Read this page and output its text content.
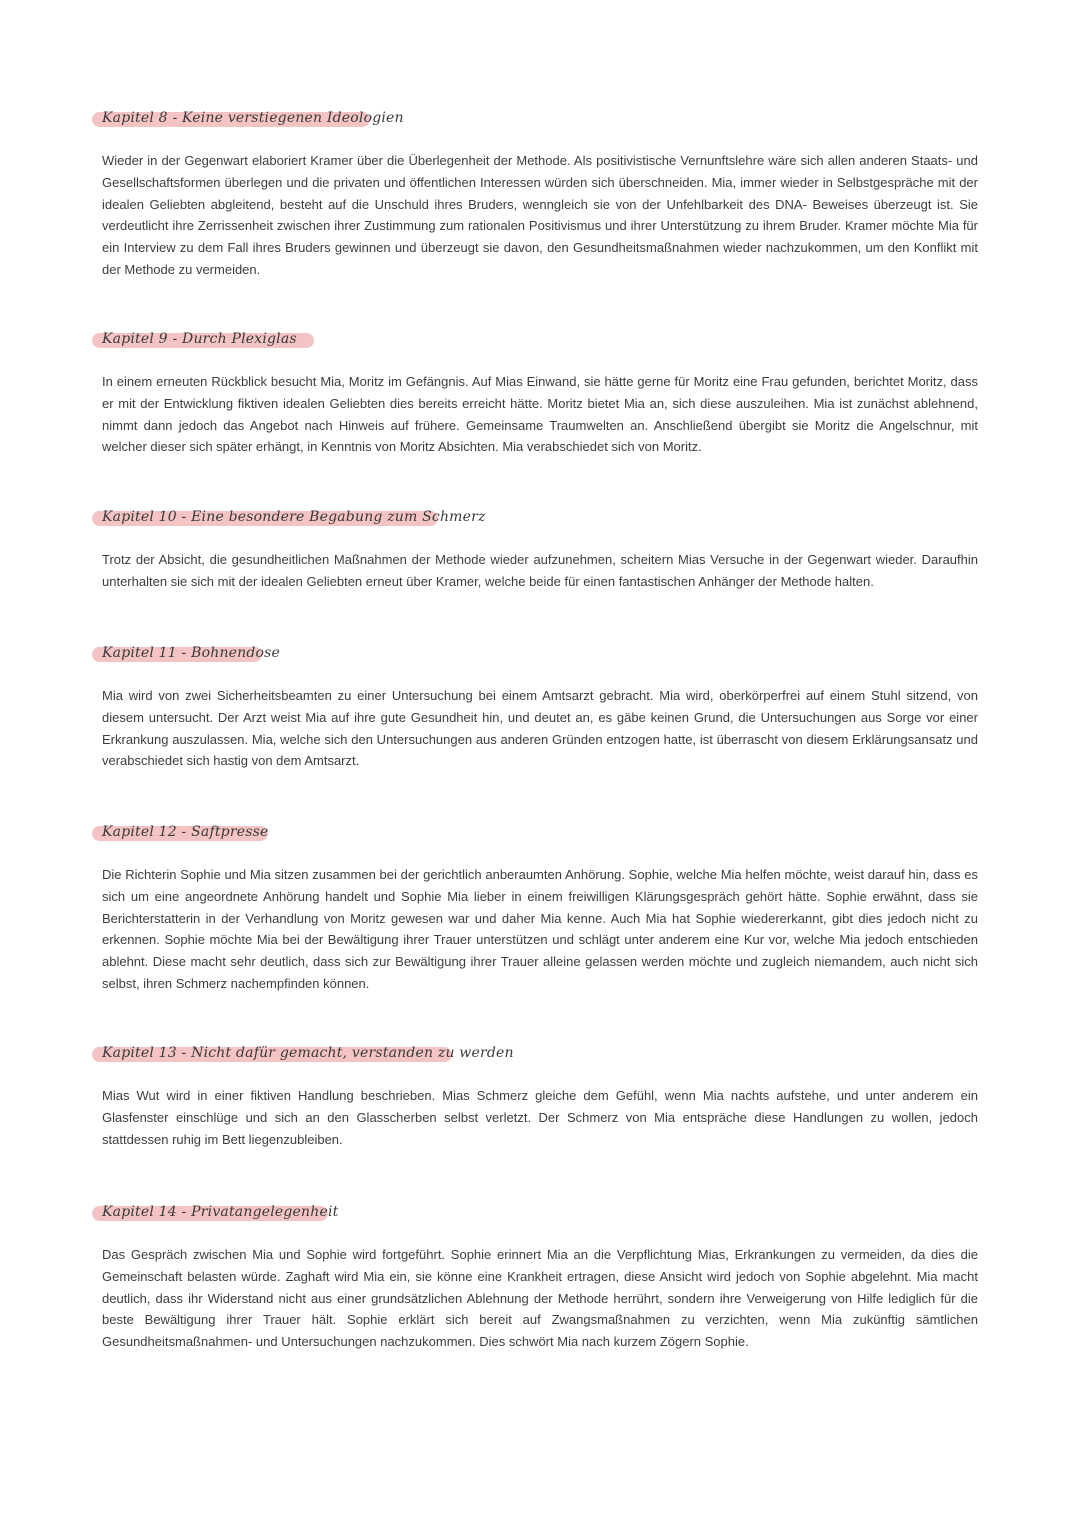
Kapitel 8 - Keine verstiegenen Ideologien

Wieder in der Gegenwart elaboriert Kramer über die Überlegenheit der Methode. Als positivistische Vernunftslehre wäre sich allen anderen Staats- und Gesellschaftsformen überlegen und die privaten und öffentlichen Interessen würden sich überschneiden. Mia, immer wieder in Selbstgespräche mit der idealen Geliebten abgleitend, besteht auf die Unschuld ihres Bruders, wenngleich sie von der Unfehlbarkeit des DNA- Beweises überzeugt ist. Sie verdeutlicht ihre Zerrissenheit zwischen ihrer Zustimmung zum rationalen Positivismus und ihrer Unterstützung zu ihrem Bruder. Kramer möchte Mia für ein Interview zu dem Fall ihres Bruders gewinnen und überzeugt sie davon, den Gesundheitsmaßnahmen wieder nachzukommen, um den Konflikt mit der Methode zu vermeiden.

Kapitel 9 - Durch Plexiglas

In einem erneuten Rückblick besucht Mia, Moritz im Gefängnis. Auf Mias Einwand, sie hätte gerne für Moritz eine Frau gefunden, berichtet Moritz, dass er mit der Entwicklung fiktiven idealen Geliebten dies bereits erreicht hätte. Moritz bietet Mia an, sich diese auszuleihen. Mia ist zunächst ablehnend, nimmt dann jedoch das Angebot nach Hinweis auf frühere. Gemeinsame Traumwelten an. Anschließend übergibt sie Moritz die Angelschnur, mit welcher dieser sich später erhängt, in Kenntnis von Moritz Absichten. Mia verabschiedet sich von Moritz.

Kapitel 10 - Eine besondere Begabung zum Schmerz

Trotz der Absicht, die gesundheitlichen Maßnahmen der Methode wieder aufzunehmen, scheitern Mias Versuche in der Gegenwart wieder. Daraufhin unterhalten sie sich mit der idealen Geliebten erneut über Kramer, welche beide für einen fantastischen Anhänger der Methode halten.

Kapitel 11 - Bohnendose

Mia wird von zwei Sicherheitsbeamten zu einer Untersuchung bei einem Amtsarzt gebracht. Mia wird, oberkörperfrei auf einem Stuhl sitzend, von diesem untersucht. Der Arzt weist Mia auf ihre gute Gesundheit hin, und deutet an, es gäbe keinen Grund, die Untersuchungen aus Sorge vor einer Erkrankung auszulassen. Mia, welche sich den Untersuchungen aus anderen Gründen entzogen hatte, ist überrascht von diesem Erklärungsansatz und verabschiedet sich hastig von dem Amtsarzt.

Kapitel 12 - Saftpresse

Die Richterin Sophie und Mia sitzen zusammen bei der gerichtlich anberaumten Anhörung. Sophie, welche Mia helfen möchte, weist darauf hin, dass es sich um eine angeordnete Anhörung handelt und Sophie Mia lieber in einem freiwilligen Klärungsgespräch gehört hätte. Sophie erwähnt, dass sie Berichterstatterin in der Verhandlung von Moritz gewesen war und daher Mia kenne. Auch Mia hat Sophie wiedererkannt, gibt dies jedoch nicht zu erkennen. Sophie möchte Mia bei der Bewältigung ihrer Trauer unterstützen und schlägt unter anderem eine Kur vor, welche Mia jedoch entschieden ablehnt. Diese macht sehr deutlich, dass sich zur Bewältigung ihrer Trauer alleine gelassen werden möchte und zugleich niemandem, auch nicht sich selbst, ihren Schmerz nachempfinden können.

Kapitel 13 - Nicht dafür gemacht, verstanden zu werden

Mias Wut wird in einer fiktiven Handlung beschrieben. Mias Schmerz gleiche dem Gefühl, wenn Mia nachts aufstehe, und unter anderem ein Glasfenster einschlüge und sich an den Glasscherben selbst verletzt. Der Schmerz von Mia entspräche diese Handlungen zu wollen, jedoch stattdessen ruhig im Bett liegenzubleiben.

Kapitel 14 - Privatangelegenheit

Das Gespräch zwischen Mia und Sophie wird fortgeführt. Sophie erinnert Mia an die Verpflichtung Mias, Erkrankungen zu vermeiden, da dies die Gemeinschaft belasten würde. Zaghaft wird Mia ein, sie könne eine Krankheit ertragen, diese Ansicht wird jedoch von Sophie abgelehnt. Mia macht deutlich, dass ihr Widerstand nicht aus einer grundsätzlichen Ablehnung der Methode herrührt, sondern ihre Verweigerung von Hilfe lediglich für die beste Bewältigung ihrer Trauer hält. Sophie erklärt sich bereit auf Zwangsmaßnahmen zu verzichten, wenn Mia zukünftig sämtlichen Gesundheitsmaßnahmen- und Untersuchungen nachzukommen. Dies schwört Mia nach kurzem Zögern Sophie.
